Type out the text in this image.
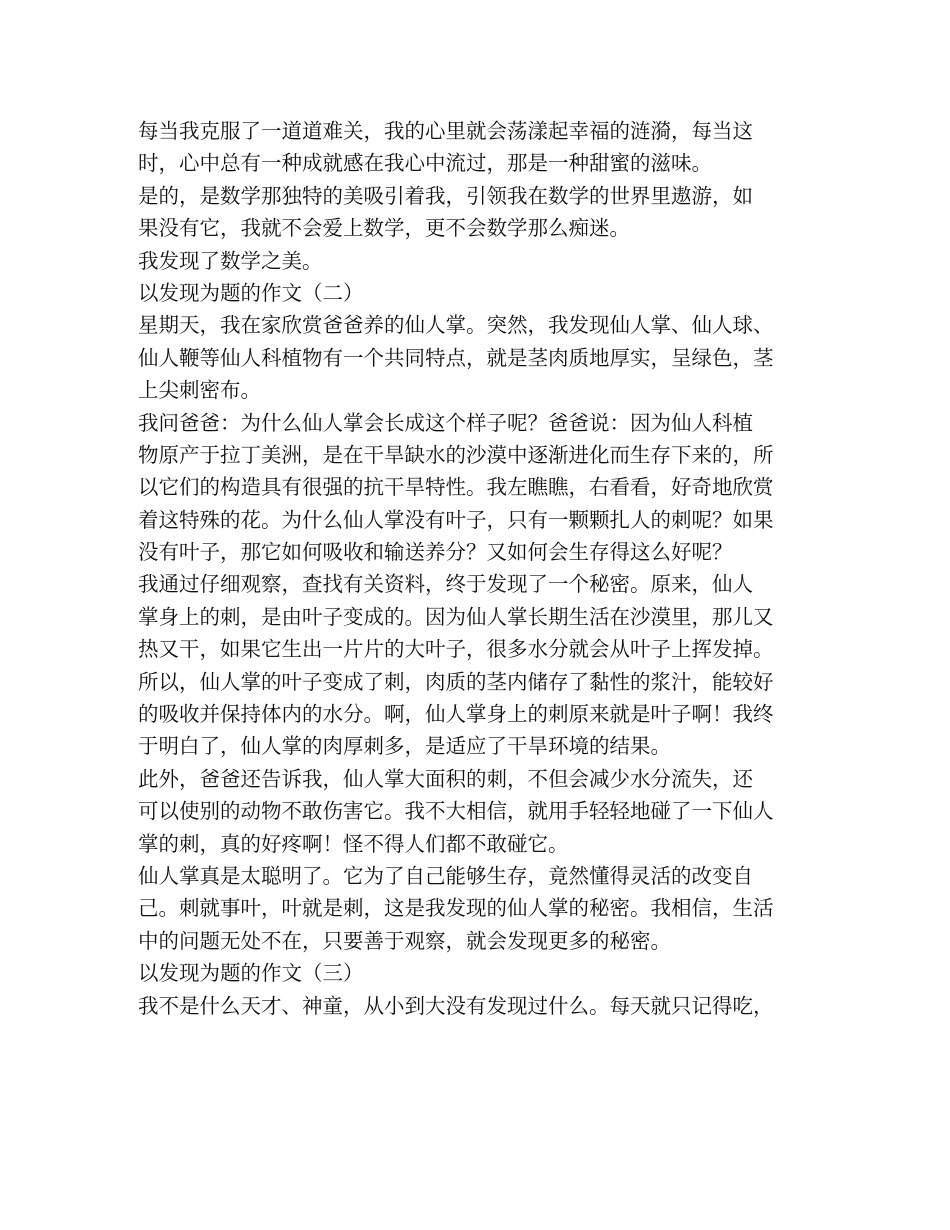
每当我克服了一道道难关，我的心里就会荡漾起幸福的涟漪，每当这
时，心中总有一种成就感在我心中流过，那是一种甜蜜的滋味。
是的，是数学那独特的美吸引着我，引领我在数学的世界里遨游，如
果没有它，我就不会爱上数学，更不会数学那么痴迷。
我发现了数学之美。
以发现为题的作文（二）
星期天，我在家欣赏爸爸养的仙人掌。突然，我发现仙人掌、仙人球、
仙人鞭等仙人科植物有一个共同特点，就是茎肉质地厚实，呈绿色，茎
上尖刺密布。
我问爸爸：为什么仙人掌会长成这个样子呢？爸爸说：因为仙人科植
物原产于拉丁美洲，是在干旱缺水的沙漠中逐渐进化而生存下来的，所
以它们的构造具有很强的抗干旱特性。我左瞧瞧，右看看，好奇地欣赏
着这特殊的花。为什么仙人掌没有叶子，只有一颗颗扎人的刺呢？如果
没有叶子，那它如何吸收和输送养分？又如何会生存得这么好呢？
我通过仔细观察，查找有关资料，终于发现了一个秘密。原来，仙人
掌身上的刺，是由叶子变成的。因为仙人掌长期生活在沙漠里，那儿又
热又干，如果它生出一片片的大叶子，很多水分就会从叶子上挥发掉。
所以，仙人掌的叶子变成了刺，肉质的茎内储存了黏性的浆汁，能较好
的吸收并保持体内的水分。啊，仙人掌身上的刺原来就是叶子啊！我终
于明白了，仙人掌的肉厚刺多，是适应了干旱环境的结果。
此外，爸爸还告诉我，仙人掌大面积的刺，不但会减少水分流失，还
可以使别的动物不敢伤害它。我不大相信，就用手轻轻地碰了一下仙人
掌的刺，真的好疼啊！怪不得人们都不敢碰它。
仙人掌真是太聪明了。它为了自己能够生存，竟然懂得灵活的改变自
己。刺就事叶，叶就是刺，这是我发现的仙人掌的秘密。我相信，生活
中的问题无处不在，只要善于观察，就会发现更多的秘密。
以发现为题的作文（三）
我不是什么天才、神童，从小到大没有发现过什么。每天就只记得吃，
